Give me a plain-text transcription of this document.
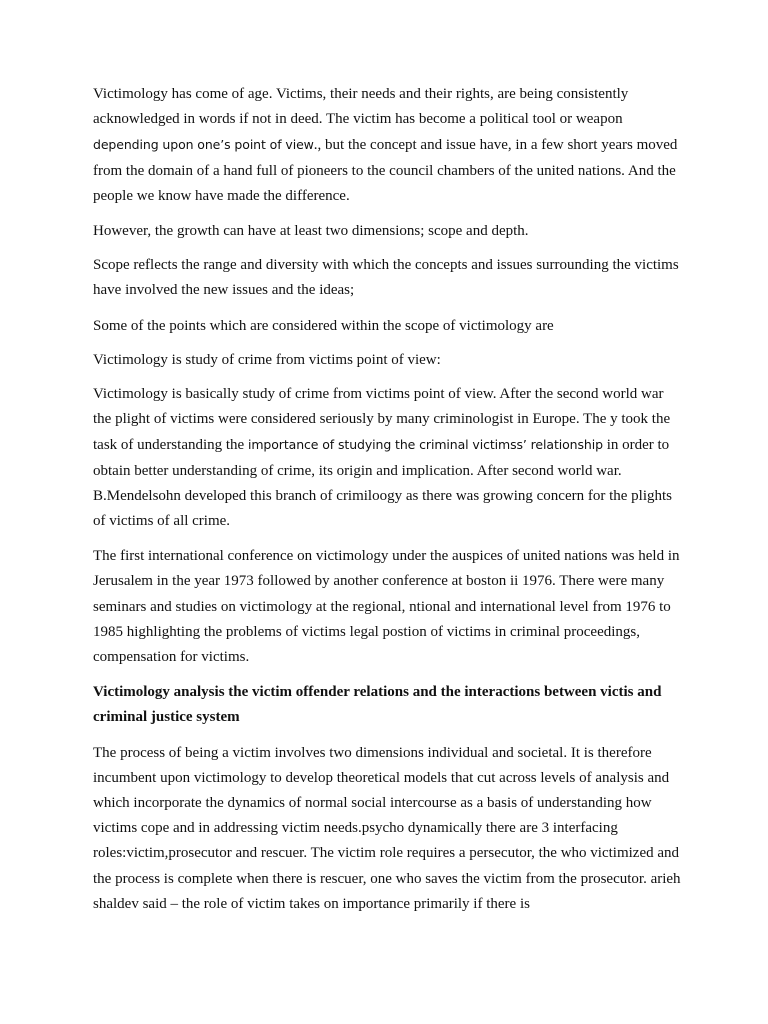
Victimology has come of age. Victims, their needs and their rights, are being consistently acknowledged in words if not in deed. The victim has become a political tool or weapon depending upon one’s point of view., but the concept and issue have, in a few short years moved from the domain of a hand full of pioneers to the council chambers of the united nations. And the people we know have made the difference.

However, the growth can have at least two dimensions; scope and depth.

Scope reflects the range and diversity with which the concepts and issues surrounding the victims have involved the new issues and the ideas;

Some of the points which are considered within the scope of victimology are

Victimology is study of crime from victims point of view:

Victimology is basically study of crime from victims point of view. After the second world war the plight of victims were considered seriously by many criminologist in Europe. The y took the task of understanding the importance of studying the criminal victimss’ relationship in order to obtain better understanding of crime, its origin and implication. After second world war. B.Mendelsohn developed this branch of crimiloogy as there was growing concern for the plights of victims of all crime.

The first international conference on victimology under the auspices of united nations was held in Jerusalem in the year 1973 followed by another conference at boston ii 1976. There were many seminars and studies on victimology at the regional, ntional and international level from 1976 to 1985 highlighting the problems of victims legal postion of victims in criminal proceedings, compensation for victims.

Victimology analysis the victim offender relations and the interactions between victis and criminal justice system

The process of being a victim involves two dimensions individual and societal. It is therefore incumbent upon victimology to develop theoretical models that cut across levels of analysis and which incorporate the dynamics of normal social intercourse as a basis of understanding how victims cope and in addressing victim needs.psycho dynamically there are 3 interfacing roles:victim,prosecutor and rescuer. The victim role requires a persecutor, the who victimized and the process is complete when there is rescuer, one who saves the victim from the prosecutor. arieh shaldev said – the role of victim takes on importance primarily if there is
